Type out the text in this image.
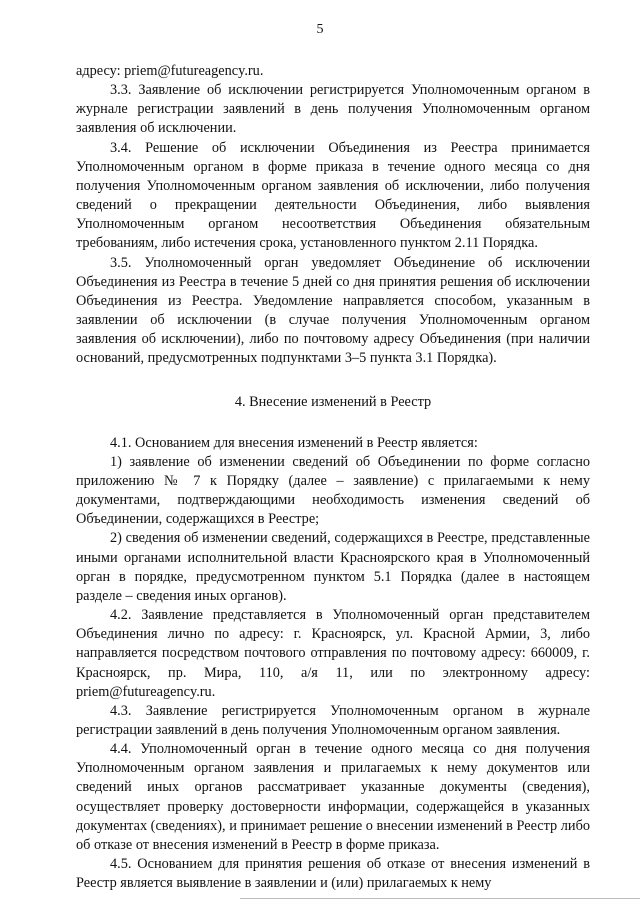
5

адресу: priem@futureagency.ru.

3.3. Заявление об исключении регистрируется Уполномоченным органом в журнале регистрации заявлений в день получения Уполномоченным органом заявления об исключении.

3.4. Решение об исключении Объединения из Реестра принимается Уполномоченным органом в форме приказа в течение одного месяца со дня получения Уполномоченным органом заявления об исключении, либо получения сведений о прекращении деятельности Объединения, либо выявления Уполномоченным органом несоответствия Объединения обязательным требованиям, либо истечения срока, установленного пунктом 2.11 Порядка.

3.5. Уполномоченный орган уведомляет Объединение об исключении Объединения из Реестра в течение 5 дней со дня принятия решения об исключении Объединения из Реестра. Уведомление направляется способом, указанным в заявлении об исключении (в случае получения Уполномоченным органом заявления об исключении), либо по почтовому адресу Объединения (при наличии оснований, предусмотренных подпунктами 3–5 пункта 3.1 Порядка).

4. Внесение изменений в Реестр

4.1. Основанием для внесения изменений в Реестр является:

1) заявление об изменении сведений об Объединении по форме согласно приложению № 7 к Порядку (далее – заявление) с прилагаемыми к нему документами, подтверждающими необходимость изменения сведений об Объединении, содержащихся в Реестре;

2) сведения об изменении сведений, содержащихся в Реестре, представленные иными органами исполнительной власти Красноярского края в Уполномоченный орган в порядке, предусмотренном пунктом 5.1 Порядка (далее в настоящем разделе – сведения иных органов).

4.2. Заявление представляется в Уполномоченный орган представителем Объединения лично по адресу: г. Красноярск, ул. Красной Армии, 3, либо направляется посредством почтового отправления по почтовому адресу: 660009, г. Красноярск, пр. Мира, 110, а/я 11, или по электронному адресу: priem@futureagency.ru.

4.3. Заявление регистрируется Уполномоченным органом в журнале регистрации заявлений в день получения Уполномоченным органом заявления.

4.4. Уполномоченный орган в течение одного месяца со дня получения Уполномоченным органом заявления и прилагаемых к нему документов или сведений иных органов рассматривает указанные документы (сведения), осуществляет проверку достоверности информации, содержащейся в указанных документах (сведениях), и принимает решение о внесении изменений в Реестр либо об отказе от внесения изменений в Реестр в форме приказа.

4.5. Основанием для принятия решения об отказе от внесения изменений в Реестр является выявление в заявлении и (или) прилагаемых к нему
